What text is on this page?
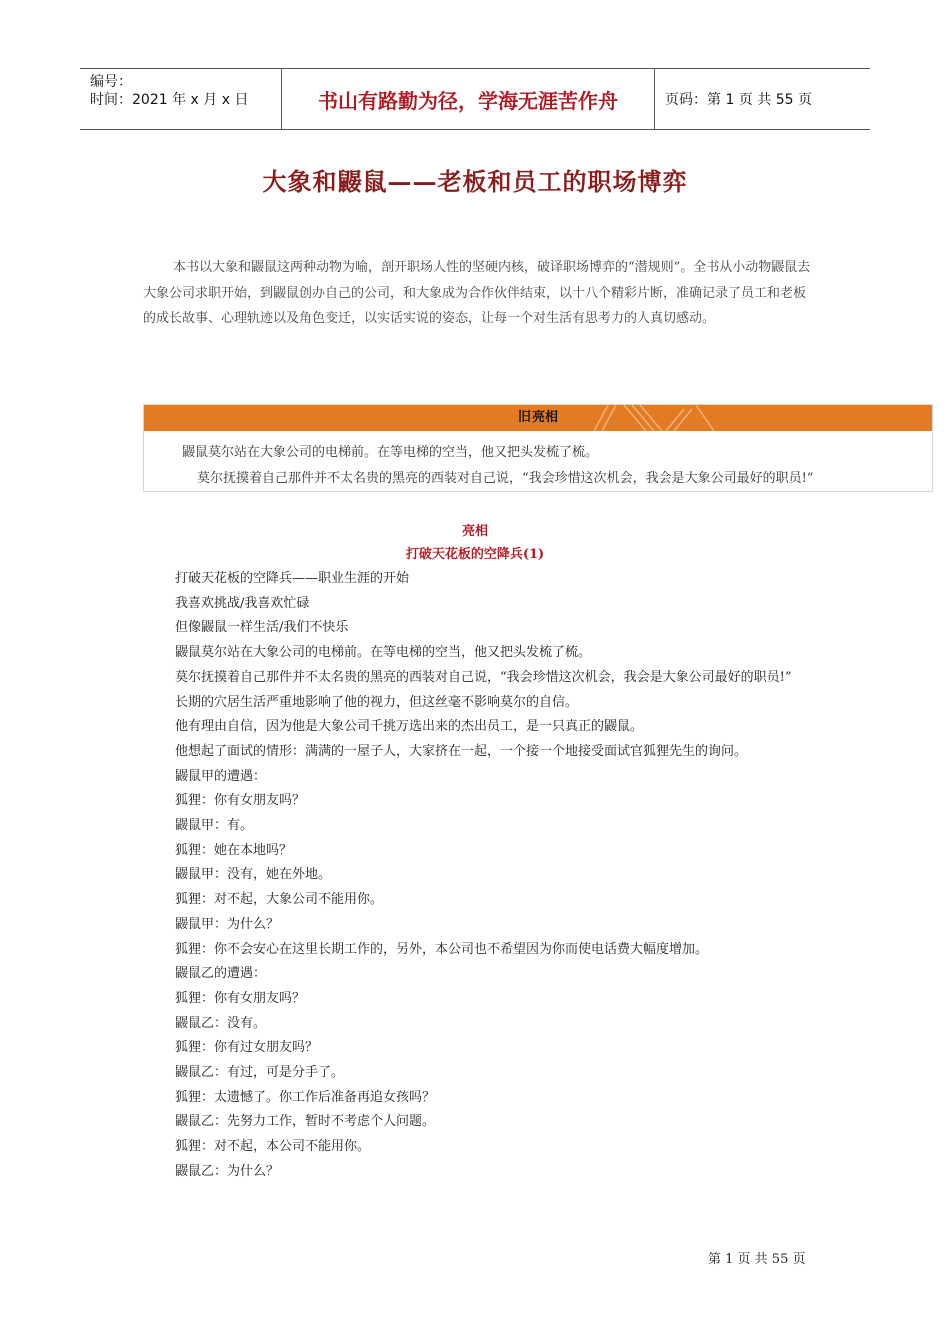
编号：
时间：2021 年 x 月 x 日	书山有路勤为径，学海无涯苦作舟	页码：第 1 页 共 55 页
大象和鼹鼠——老板和员工的职场博弈

本书以大象和鼹鼠这两种动物为喻，剖开职场人性的坚硬内核，破译职场博弈的“潜规则”。全书从小动物鼹鼠去大象公司求职开始，到鼹鼠创办自己的公司，和大象成为合作伙伴结束，以十八个精彩片断，准确记录了员工和老板的成长故事、心理轨迹以及角色变迁，以实话实说的姿态，让每一个对生活有思考力的人真切感动。

旧亮相
鼹鼠莫尔站在大象公司的电梯前。在等电梯的空当，他又把头发梳了梳。
莫尔抚摸着自己那件并不太名贵的黑亮的西装对自己说，“我会珍惜这次机会，我会是大象公司最好的职员!”
亮相
打破天花板的空降兵(1)

打破天花板的空降兵——职业生涯的开始

我喜欢挑战/我喜欢忙碌

但像鼹鼠一样生活/我们不快乐

鼹鼠莫尔站在大象公司的电梯前。在等电梯的空当，他又把头发梳了梳。

莫尔抚摸着自己那件并不太名贵的黑亮的西装对自己说，“我会珍惜这次机会，我会是大象公司最好的职员!”

长期的穴居生活严重地影响了他的视力，但这丝毫不影响莫尔的自信。

他有理由自信，因为他是大象公司千挑万选出来的杰出员工，是一只真正的鼹鼠。

他想起了面试的情形：满满的一屋子人，大家挤在一起，一个接一个地接受面试官狐狸先生的询问。

鼹鼠甲的遭遇：

狐狸：你有女朋友吗？

鼹鼠甲：有。

狐狸：她在本地吗？

鼹鼠甲：没有，她在外地。

狐狸：对不起，大象公司不能用你。

鼹鼠甲：为什么？

狐狸：你不会安心在这里长期工作的，另外，本公司也不希望因为你而使电话费大幅度增加。

鼹鼠乙的遭遇：

狐狸：你有女朋友吗？

鼹鼠乙：没有。

狐狸：你有过女朋友吗？

鼹鼠乙：有过，可是分手了。

狐狸：太遗憾了。你工作后准备再追女孩吗？

鼹鼠乙：先努力工作，暂时不考虑个人问题。

狐狸：对不起，本公司不能用你。

鼹鼠乙：为什么？

第 1 页 共 55 页
